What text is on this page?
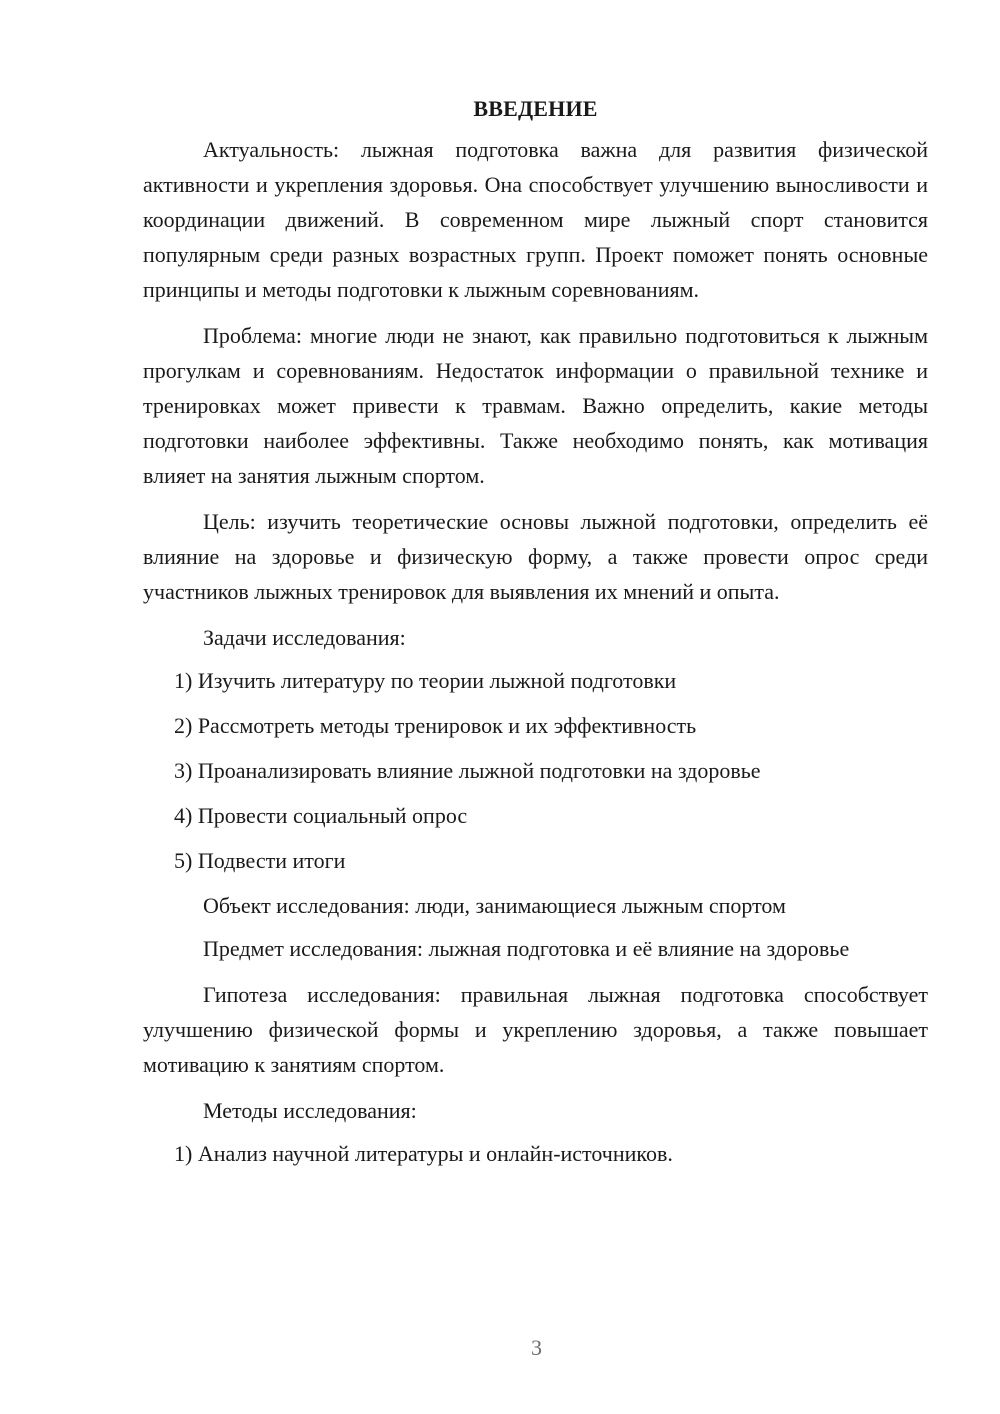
ВВЕДЕНИЕ

Актуальность: лыжная подготовка важна для развития физической активности и укрепления здоровья. Она способствует улучшению выносливости и координации движений. В современном мире лыжный спорт становится популярным среди разных возрастных групп. Проект поможет понять основные принципы и методы подготовки к лыжным соревнованиям.

Проблема: многие люди не знают, как правильно подготовиться к лыжным прогулкам и соревнованиям. Недостаток информации о правильной технике и тренировках может привести к травмам. Важно определить, какие методы подготовки наиболее эффективны. Также необходимо понять, как мотивация влияет на занятия лыжным спортом.

Цель: изучить теоретические основы лыжной подготовки, определить её влияние на здоровье и физическую форму, а также провести опрос среди участников лыжных тренировок для выявления их мнений и опыта.

Задачи исследования:

1) Изучить литературу по теории лыжной подготовки
2) Рассмотреть методы тренировок и их эффективность
3) Проанализировать влияние лыжной подготовки на здоровье
4) Провести социальный опрос
5) Подвести итоги

Объект исследования: люди, занимающиеся лыжным спортом

Предмет исследования: лыжная подготовка и её влияние на здоровье

Гипотеза исследования: правильная лыжная подготовка способствует улучшению физической формы и укреплению здоровья, а также повышает мотивацию к занятиям спортом.

Методы исследования:

1) Анализ научной литературы и онлайн-источников.
3
